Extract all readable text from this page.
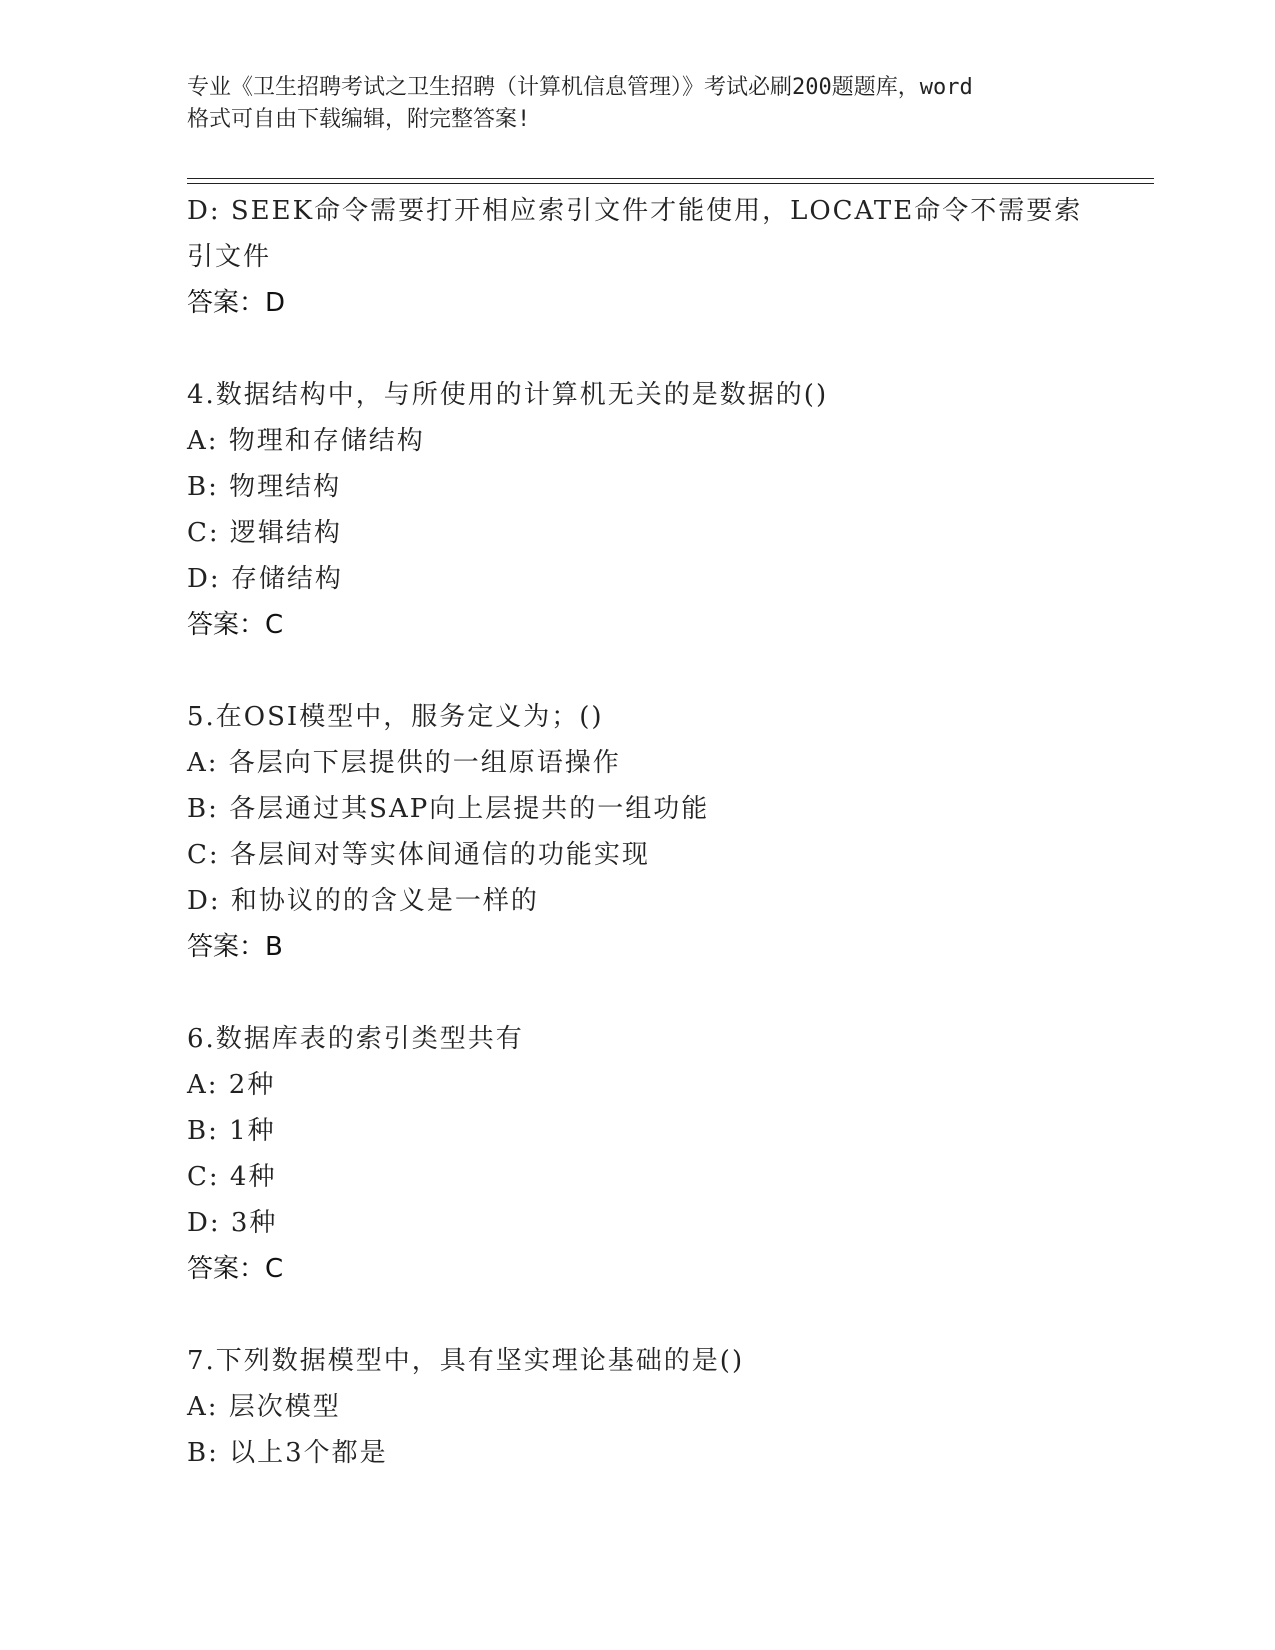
专业《卫生招聘考试之卫生招聘（计算机信息管理）》考试必刷200题题库，word
格式可自由下载编辑，附完整答案!
D: SEEK命令需要打开相应索引文件才能使用，LOCATE命令不需要索
引文件
答案：D
4.数据结构中，与所使用的计算机无关的是数据的()
A: 物理和存储结构
B: 物理结构
C: 逻辑结构
D: 存储结构
答案：C
5.在OSI模型中，服务定义为；()
A: 各层向下层提供的一组原语操作
B: 各层通过其SAP向上层提共的一组功能
C: 各层间对等实体间通信的功能实现
D: 和协议的的含义是一样的
答案：B
6.数据库表的索引类型共有
A: 2种
B: 1种
C: 4种
D: 3种
答案：C
7.下列数据模型中，具有坚实理论基础的是()
A: 层次模型
B: 以上3个都是
